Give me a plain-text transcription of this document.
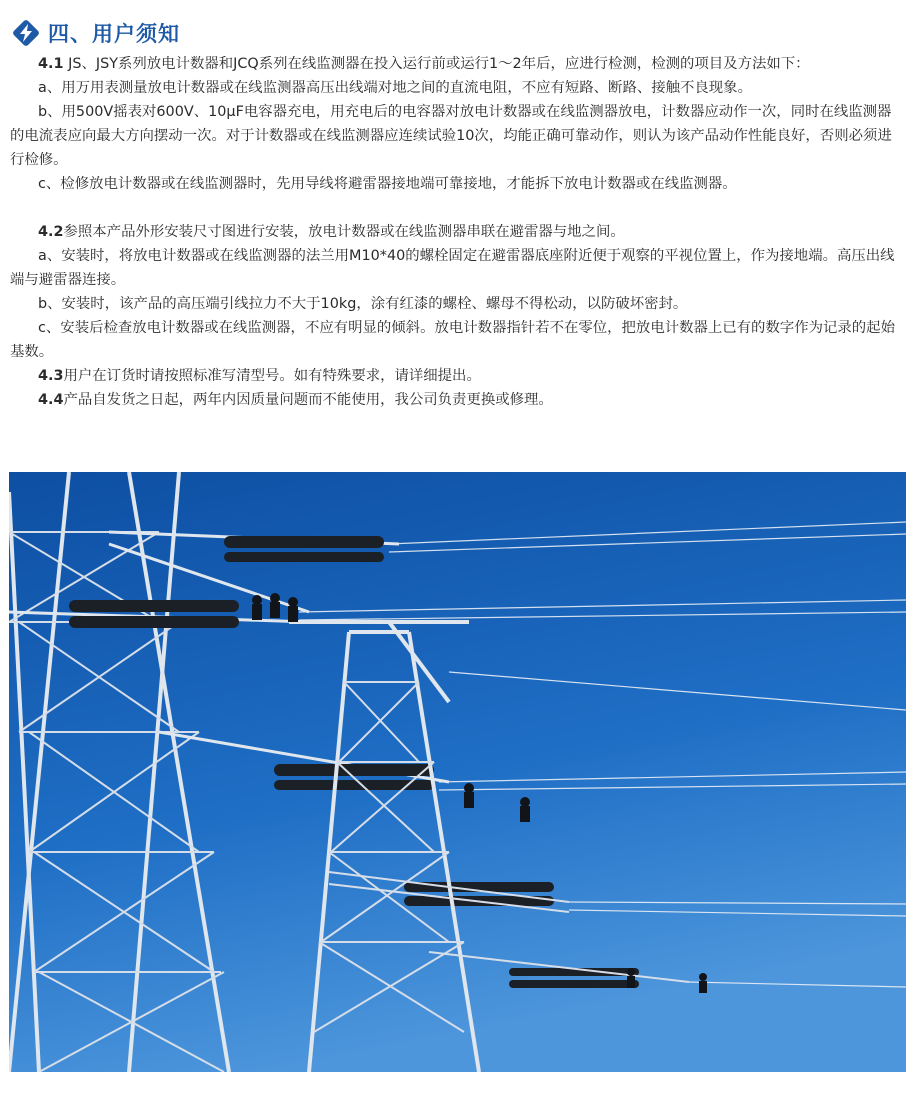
四、用户须知

4.1 JS、JSY系列放电计数器和JCQ系列在线监测器在投入运行前或运行1～2年后，应进行检测，检测的项目及方法如下：

a、用万用表测量放电计数器或在线监测器高压出线端对地之间的直流电阻，不应有短路、断路、接触不良现象。

b、用500V摇表对600V、10μF电容器充电，用充电后的电容器对放电计数器或在线监测器放电，计数器应动作一次，同时在线监测器的电流表应向最大方向摆动一次。对于计数器或在线监测器应连续试验10次，均能正确可靠动作，则认为该产品动作性能良好，否则必须进行检修。

c、检修放电计数器或在线监测器时，先用导线将避雷器接地端可靠接地，才能拆下放电计数器或在线监测器。

4.2参照本产品外形安装尺寸图进行安装，放电计数器或在线监测器串联在避雷器与地之间。

a、安装时，将放电计数器或在线监测器的法兰用M10*40的螺栓固定在避雷器底座附近便于观察的平视位置上，作为接地端。高压出线端与避雷器连接。

b、安装时，该产品的高压端引线拉力不大于10kg，涂有红漆的螺栓、螺母不得松动，以防破坏密封。

c、安装后检查放电计数器或在线监测器，不应有明显的倾斜。放电计数器指针若不在零位，把放电计数器上已有的数字作为记录的起始基数。

4.3用户在订货时请按照标准写清型号。如有特殊要求，请详细提出。

4.4产品自发货之日起，两年内因质量问题而不能使用，我公司负责更换或修理。
